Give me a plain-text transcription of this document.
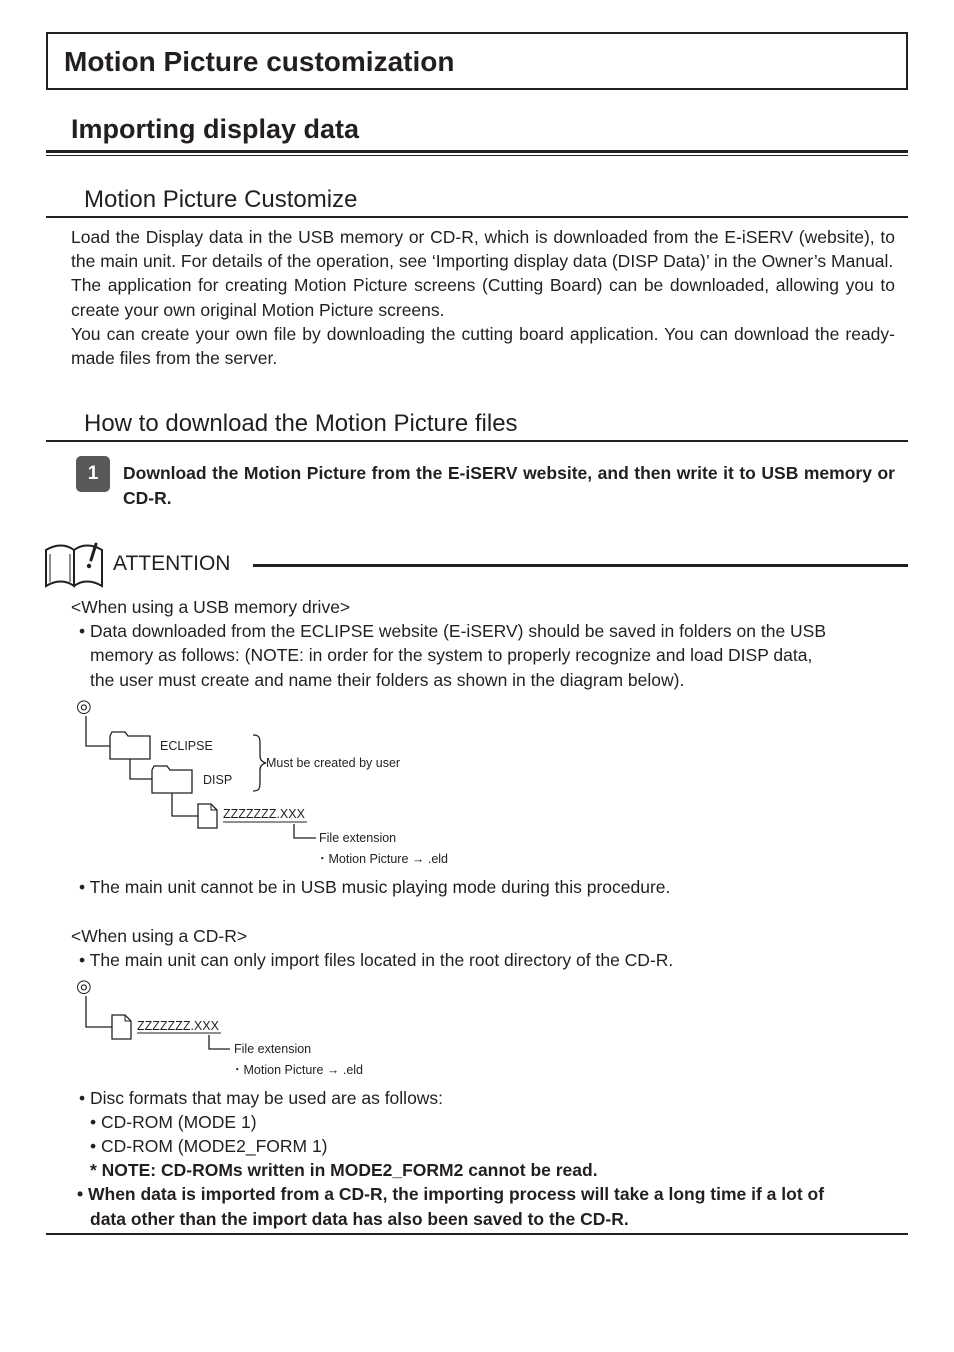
Motion Picture customization
Importing display data
Motion Picture Customize

Load the Display data in the USB memory or CD-R, which is downloaded from the E-iSERV (website), to the main unit. For details of the operation, see ‘Importing display data (DISP Data)’ in the Owner’s Manual.

The application for creating Motion Picture screens (Cutting Board) can be downloaded, allowing you to create your own original Motion Picture screens.

You can create your own file by downloading the cutting board application. You can download the ready-made files from the server.

How to download the Motion Picture files
1	Download the Motion Picture from the E-iSERV website, and then write it to USB memory or CD-R.
ATTENTION
<When using a USB memory drive>
• Data downloaded from the ECLIPSE website (E-iSERV) should be saved in folders on the USB
memory as follows: (NOTE: in order for the system to properly recognize and load DISP data,
the user must create and name their folders as shown in the diagram below).
◎
ECLIPSE
DISP
Must be created by user
ZZZZZZZ.XXX
File extension
・Motion Picture → .eld
• The main unit cannot be in USB music playing mode during this procedure.
<When using a CD-R>
• The main unit can only import files located in the root directory of the CD-R.
◎
ZZZZZZZ.XXX
File extension
・Motion Picture → .eld
• Disc formats that may be used are as follows:
• CD-ROM (MODE 1)
• CD-ROM (MODE2_FORM 1)
* NOTE: CD-ROMs written in MODE2_FORM2 cannot be read.
• When data is imported from a CD-R, the importing process will take a long time if a lot of
data other than the import data has also been saved to the CD-R.
